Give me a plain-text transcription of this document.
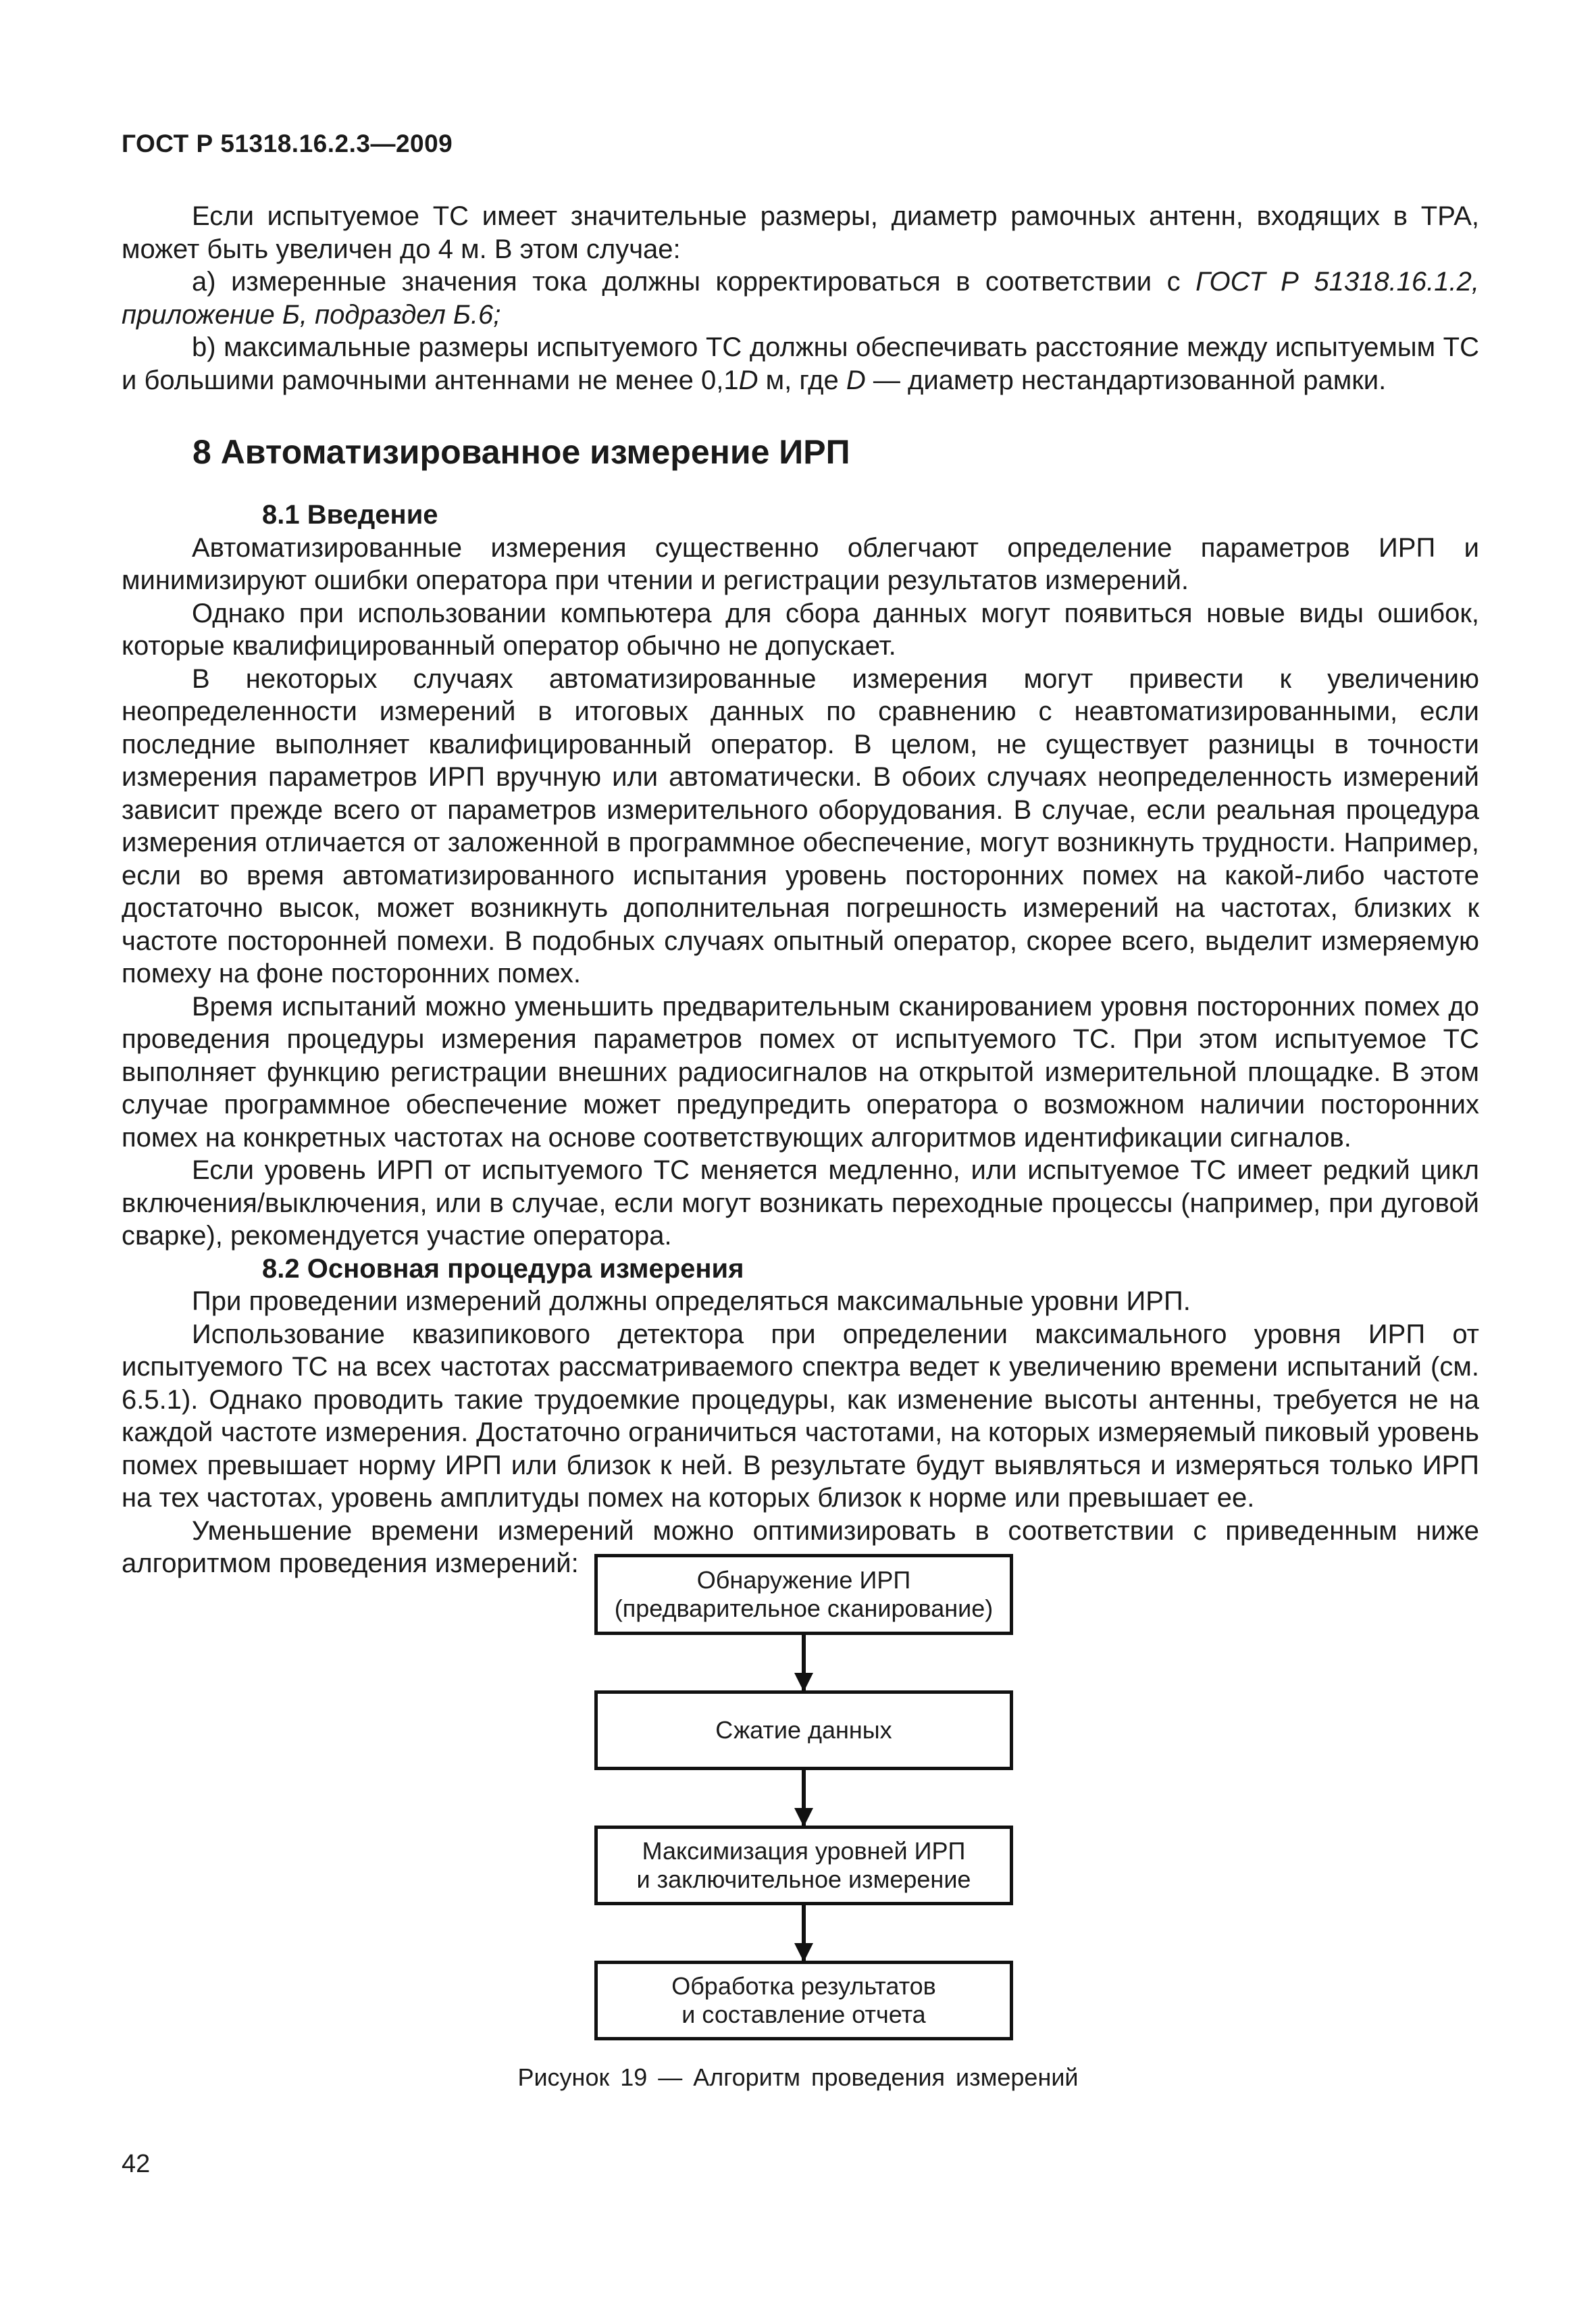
ГОСТ Р 51318.16.2.3—2009

Если испытуемое ТС имеет значительные размеры, диаметр рамочных антенн, входящих в ТРА, может быть увеличен до 4 м. В этом случае:

а) измеренные значения тока должны корректироваться в соответствии с ГОСТ Р 51318.16.1.2, приложение Б, подраздел Б.6;

b) максимальные размеры испытуемого ТС должны обеспечивать расстояние между испытуемым ТС и большими рамочными антеннами не менее 0,1D м, где D — диаметр нестандартизованной рамки.

8 Автоматизированное измерение ИРП

8.1 Введение

Автоматизированные измерения существенно облегчают определение параметров ИРП и минимизируют ошибки оператора при чтении и регистрации результатов измерений.

Однако при использовании компьютера для сбора данных могут появиться новые виды ошибок, которые квалифицированный оператор обычно не допускает.

В некоторых случаях автоматизированные измерения могут привести к увеличению неопределенности измерений в итоговых данных по сравнению с неавтоматизированными, если последние выполняет квалифицированный оператор. В целом, не существует разницы в точности измерения параметров ИРП вручную или автоматически. В обоих случаях неопределенность измерений зависит прежде всего от параметров измерительного оборудования. В случае, если реальная процедура измерения отличается от заложенной в программное обеспечение, могут возникнуть трудности. Например, если во время автоматизированного испытания уровень посторонних помех на какой-либо частоте достаточно высок, может возникнуть дополнительная погрешность измерений на частотах, близких к частоте посторонней помехи. В подобных случаях опытный оператор, скорее всего, выделит измеряемую помеху на фоне посторонних помех.

Время испытаний можно уменьшить предварительным сканированием уровня посторонних помех до проведения процедуры измерения параметров помех от испытуемого ТС. При этом испытуемое ТС выполняет функцию регистрации внешних радиосигналов на открытой измерительной площадке. В этом случае программное обеспечение может предупредить оператора о возможном наличии посторонних помех на конкретных частотах на основе соответствующих алгоритмов идентификации сигналов.

Если уровень ИРП от испытуемого ТС меняется медленно, или испытуемое ТС имеет редкий цикл включения/выключения, или в случае, если могут возникать переходные процессы (например, при дуговой сварке), рекомендуется участие оператора.

8.2 Основная процедура измерения

При проведении измерений должны определяться максимальные уровни ИРП.

Использование квазипикового детектора при определении максимального уровня ИРП от испытуемого ТС на всех частотах рассматриваемого спектра ведет к увеличению времени испытаний (см. 6.5.1). Однако проводить такие трудоемкие процедуры, как изменение высоты антенны, требуется не на каждой частоте измерения. Достаточно ограничиться частотами, на которых измеряемый пиковый уровень помех превышает норму ИРП или близок к ней. В результате будут выявляться и измеряться только ИРП на тех частотах, уровень амплитуды помех на которых близок к норме или превышает ее.

Уменьшение времени измерений можно оптимизировать в соответствии с приведенным ниже алгоритмом проведения измерений:

Обнаружение ИРП
(предварительное сканирование)
Сжатие данных
Максимизация уровней ИРП
и заключительное измерение
Обработка результатов
и составление отчета
Рисунок 19 — Алгоритм проведения измерений
42
